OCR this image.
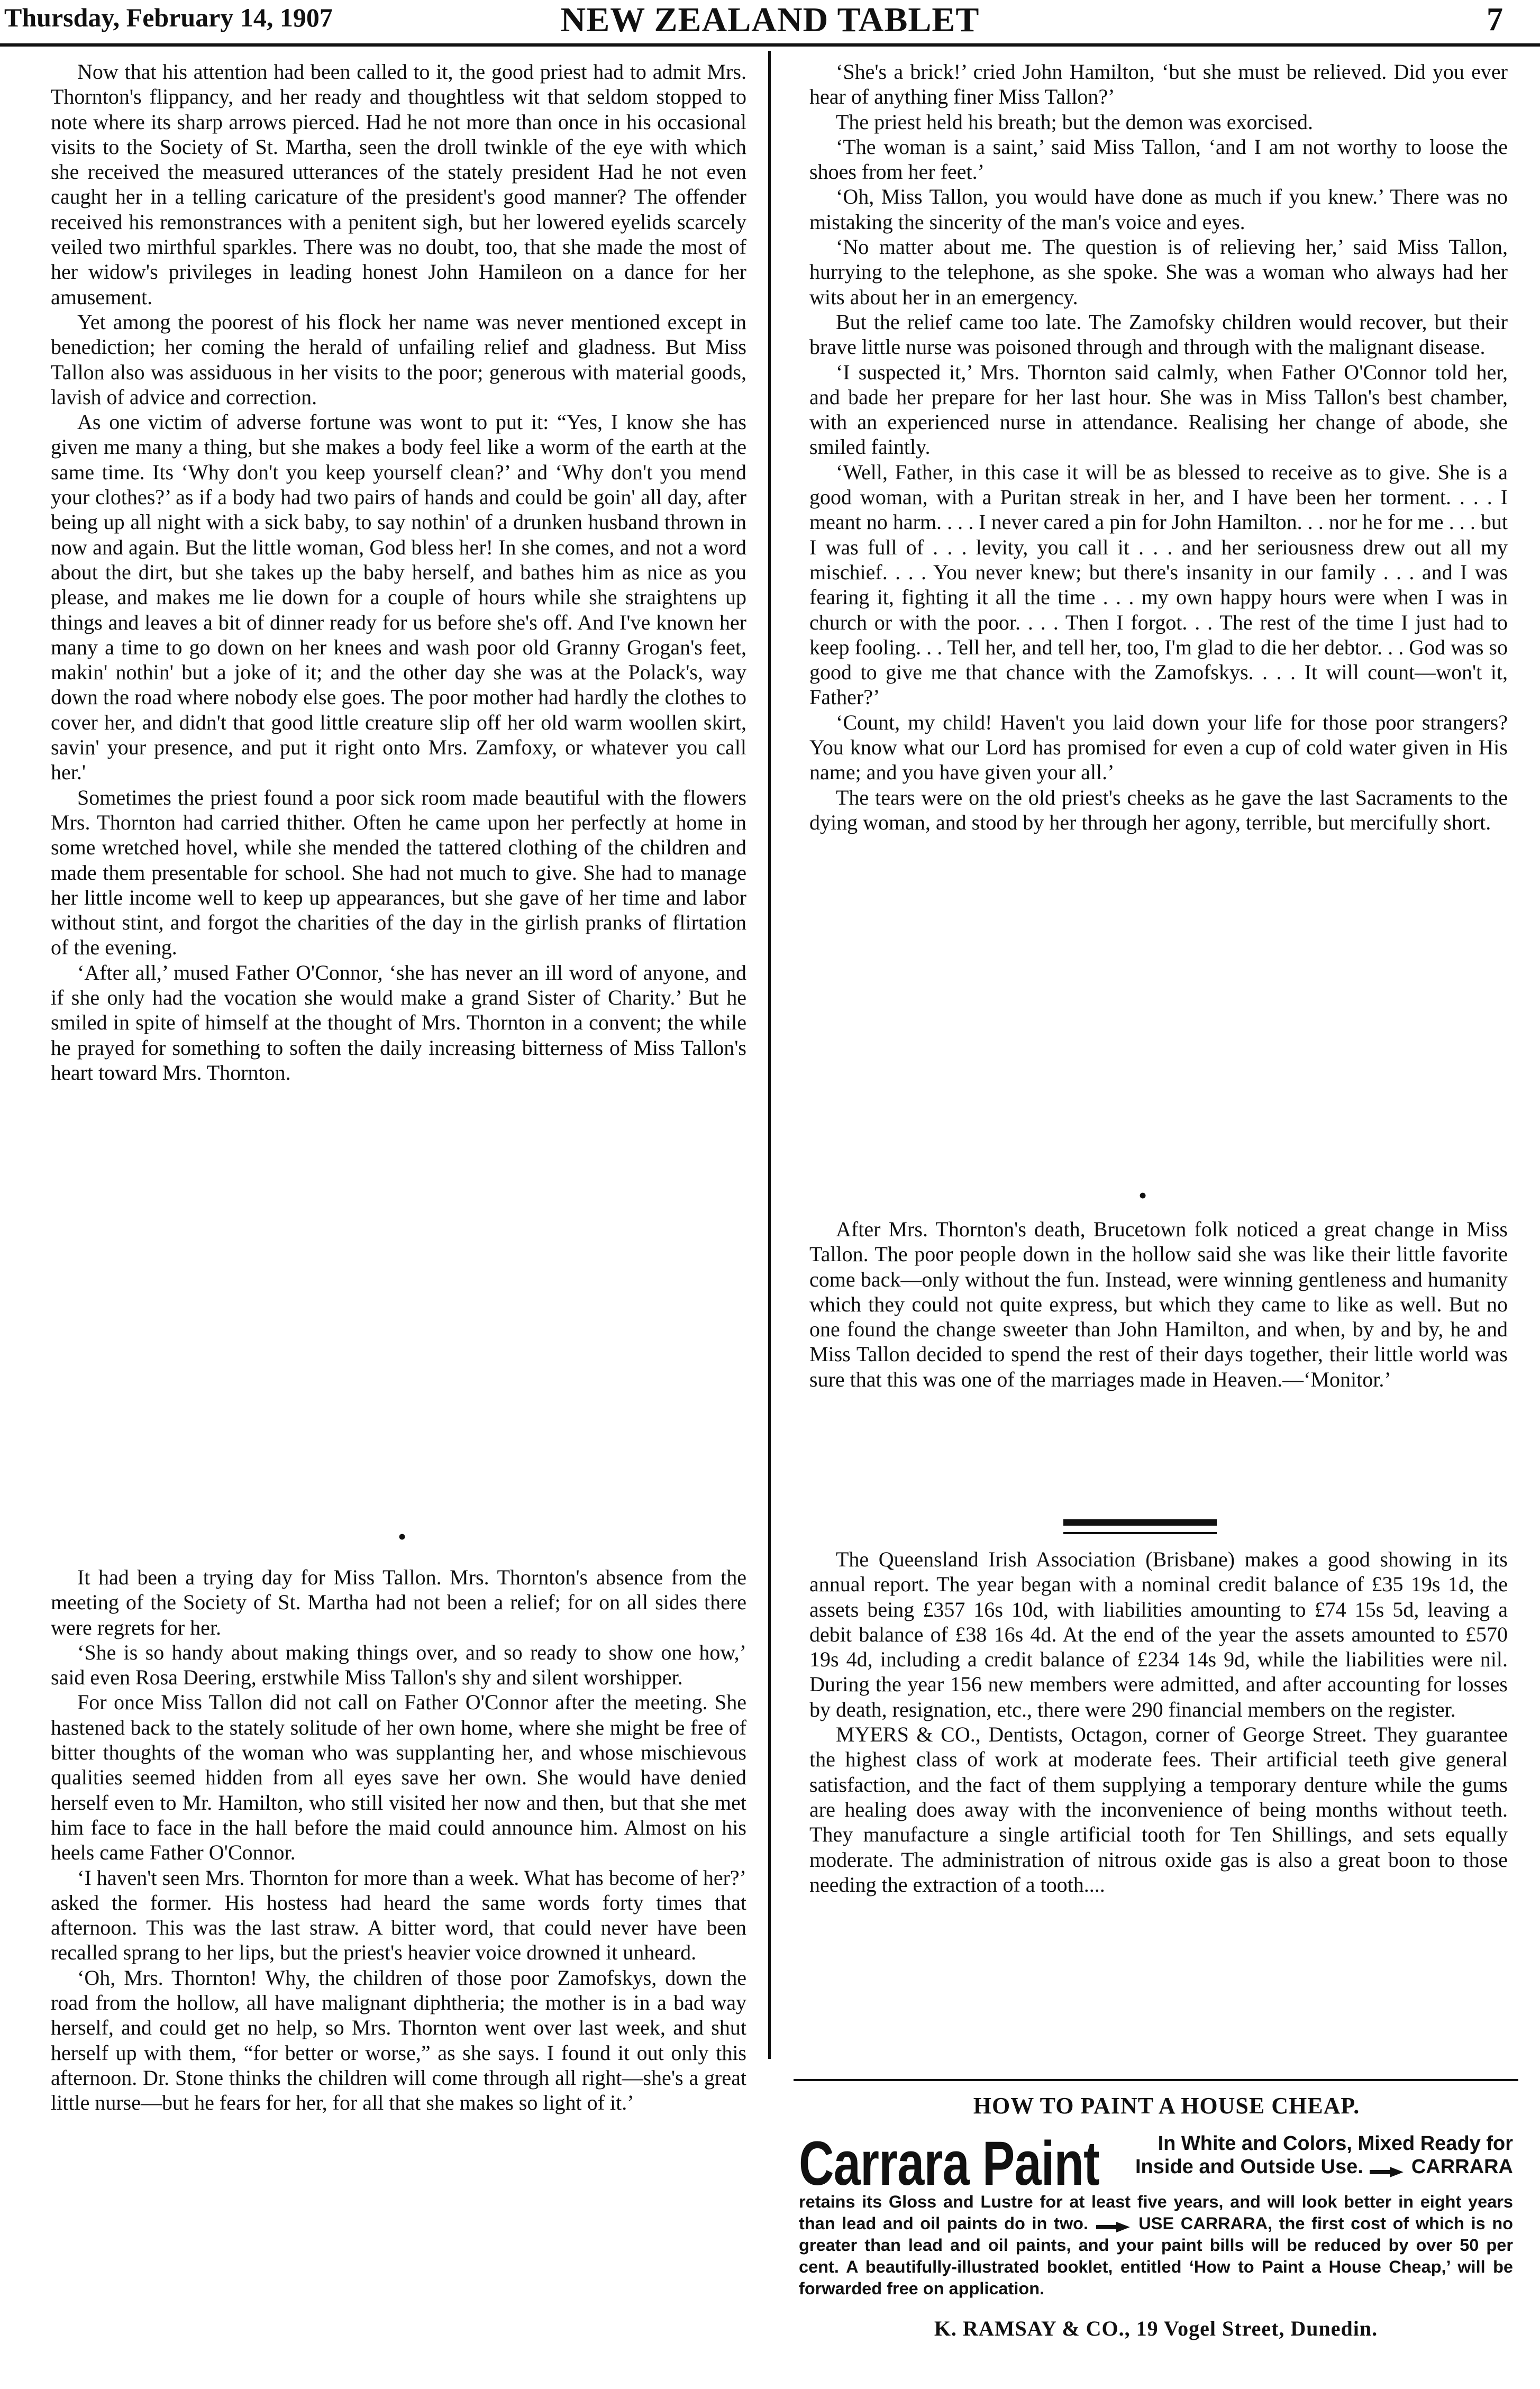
Thursday, February 14, 1907	NEW ZEALAND TABLET	7

Now that his attention had been called to it, the good priest had to admit Mrs. Thornton's flippancy, and her ready and thoughtless wit that seldom stopped to note where its sharp arrows pierced. Had he not more than once in his occasional visits to the Society of St. Martha, seen the droll twinkle of the eye with which she received the measured utterances of the stately president Had he not even caught her in a telling caricature of the president's good manner? The offender received his remonstrances with a penitent sigh, but her lowered eyelids scarcely veiled two mirthful sparkles. There was no doubt, too, that she made the most of her widow's privileges in leading honest John Hamileon on a dance for her amusement.

Yet among the poorest of his flock her name was never mentioned except in benediction; her coming the herald of unfailing relief and gladness. But Miss Tallon also was assiduous in her visits to the poor; generous with material goods, lavish of advice and correction.

As one victim of adverse fortune was wont to put it: “Yes, I know she has given me many a thing, but she makes a body feel like a worm of the earth at the same time. Its ‘Why don't you keep yourself clean?’ and ‘Why don't you mend your clothes?’ as if a body had two pairs of hands and could be goin' all day, after being up all night with a sick baby, to say nothin' of a drunken husband thrown in now and again. But the little woman, God bless her! In she comes, and not a word about the dirt, but she takes up the baby herself, and bathes him as nice as you please, and makes me lie down for a couple of hours while she straightens up things and leaves a bit of dinner ready for us before she's off. And I've known her many a time to go down on her knees and wash poor old Granny Grogan's feet, makin' nothin' but a joke of it; and the other day she was at the Polack's, way down the road where nobody else goes. The poor mother had hardly the clothes to cover her, and didn't that good little creature slip off her old warm woollen skirt, savin' your presence, and put it right onto Mrs. Zamfoxy, or whatever you call her.'

Sometimes the priest found a poor sick room made beautiful with the flowers Mrs. Thornton had carried thither. Often he came upon her perfectly at home in some wretched hovel, while she mended the tattered clothing of the children and made them presentable for school. She had not much to give. She had to manage her little income well to keep up appearances, but she gave of her time and labor without stint, and forgot the charities of the day in the girlish pranks of flirtation of the evening.

‘After all,’ mused Father O'Connor, ‘she has never an ill word of anyone, and if she only had the vocation she would make a grand Sister of Charity.’ But he smiled in spite of himself at the thought of Mrs. Thornton in a convent; the while he prayed for something to soften the daily increasing bitterness of Miss Tallon's heart toward Mrs. Thornton.

•

It had been a trying day for Miss Tallon. Mrs. Thornton's absence from the meeting of the Society of St. Martha had not been a relief; for on all sides there were regrets for her.

‘She is so handy about making things over, and so ready to show one how,’ said even Rosa Deering, erstwhile Miss Tallon's shy and silent worshipper.

For once Miss Tallon did not call on Father O'Connor after the meeting. She hastened back to the stately solitude of her own home, where she might be free of bitter thoughts of the woman who was supplanting her, and whose mischievous qualities seemed hidden from all eyes save her own. She would have denied herself even to Mr. Hamilton, who still visited her now and then, but that she met him face to face in the hall before the maid could announce him. Almost on his heels came Father O'Connor.

‘I haven't seen Mrs. Thornton for more than a week. What has become of her?’ asked the former. His hostess had heard the same words forty times that afternoon. This was the last straw. A bitter word, that could never have been recalled sprang to her lips, but the priest's heavier voice drowned it unheard.

‘Oh, Mrs. Thornton! Why, the children of those poor Zamofskys, down the road from the hollow, all have malignant diphtheria; the mother is in a bad way herself, and could get no help, so Mrs. Thornton went over last week, and shut herself up with them, “for better or worse,” as she says. I found it out only this afternoon. Dr. Stone thinks the children will come through all right—she's a great little nurse—but he fears for her, for all that she makes so light of it.’

‘She's a brick!’ cried John Hamilton, ‘but she must be relieved. Did you ever hear of anything finer Miss Tallon?’

The priest held his breath; but the demon was exorcised.

‘The woman is a saint,’ said Miss Tallon, ‘and I am not worthy to loose the shoes from her feet.’

‘Oh, Miss Tallon, you would have done as much if you knew.’ There was no mistaking the sincerity of the man's voice and eyes.

‘No matter about me. The question is of relieving her,’ said Miss Tallon, hurrying to the telephone, as she spoke. She was a woman who always had her wits about her in an emergency.

But the relief came too late. The Zamofsky children would recover, but their brave little nurse was poisoned through and through with the malignant disease.

‘I suspected it,’ Mrs. Thornton said calmly, when Father O'Connor told her, and bade her prepare for her last hour. She was in Miss Tallon's best chamber, with an experienced nurse in attendance. Realising her change of abode, she smiled faintly.

‘Well, Father, in this case it will be as blessed to receive as to give. She is a good woman, with a Puritan streak in her, and I have been her torment. . . . I meant no harm. . . . I never cared a pin for John Hamilton. . . nor he for me . . . but I was full of . . . levity, you call it . . . and her seriousness drew out all my mischief. . . . You never knew; but there's insanity in our family . . . and I was fearing it, fighting it all the time . . . my own happy hours were when I was in church or with the poor. . . . Then I forgot. . . The rest of the time I just had to keep fooling. . . Tell her, and tell her, too, I'm glad to die her debtor. . . God was so good to give me that chance with the Zamofskys. . . . It will count—won't it, Father?’

‘Count, my child! Haven't you laid down your life for those poor strangers? You know what our Lord has promised for even a cup of cold water given in His name; and you have given your all.’

The tears were on the old priest's cheeks as he gave the last Sacraments to the dying woman, and stood by her through her agony, terrible, but mercifully short.

•

After Mrs. Thornton's death, Brucetown folk noticed a great change in Miss Tallon. The poor people down in the hollow said she was like their little favorite come back—only without the fun. Instead, were winning gentleness and humanity which they could not quite express, but which they came to like as well. But no one found the change sweeter than John Hamilton, and when, by and by, he and Miss Tallon decided to spend the rest of their days together, their little world was sure that this was one of the marriages made in Heaven.—‘Monitor.’

The Queensland Irish Association (Brisbane) makes a good showing in its annual report. The year began with a nominal credit balance of £35 19s 1d, the assets being £357 16s 10d, with liabilities amounting to £74 15s 5d, leaving a debit balance of £38 16s 4d. At the end of the year the assets amounted to £570 19s 4d, including a credit balance of £234 14s 9d, while the liabilities were nil. During the year 156 new members were admitted, and after accounting for losses by death, resignation, etc., there were 290 financial members on the register.

MYERS & CO., Dentists, Octagon, corner of George Street. They guarantee the highest class of work at moderate fees. Their artificial teeth give general satisfaction, and the fact of them supplying a temporary denture while the gums are healing does away with the inconvenience of being months without teeth. They manufacture a single artificial tooth for Ten Shillings, and sets equally moderate. The administration of nitrous oxide gas is also a great boon to those needing the extraction of a tooth....

HOW TO PAINT A HOUSE CHEAP.
Carrara Paint	In White and Colors, Mixed Ready for
Inside and Outside Use. CARRARA
retains its Gloss and Lustre for at least five years, and will look better in eight years than lead and oil paints do in two.	USE CARRARA, the first cost of which is no greater than lead and oil paints, and your paint bills will be reduced by over 50 per cent. A beautifully-illustrated booklet, entitled ‘How to Paint a House Cheap,’ will be forwarded free on application.
K. RAMSAY & CO., 19 Vogel Street, Dunedin.
